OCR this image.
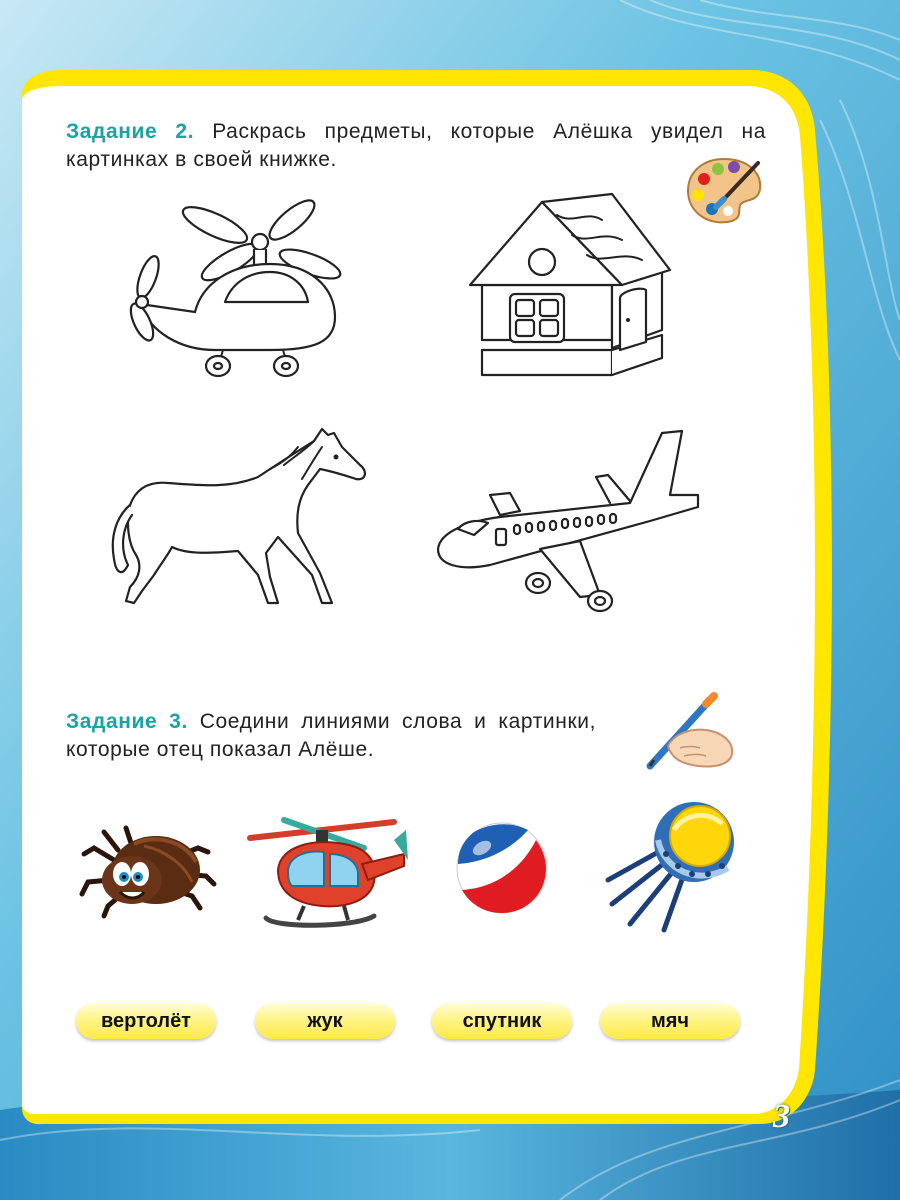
Задание 2. Раскрась предметы, которые Алёшка увидел на картинках в своей книжке.
Задание 3. Соедини линиями слова и картинки, которые отец показал Алёше.
вертолёт	жук	спутник	мяч
3
